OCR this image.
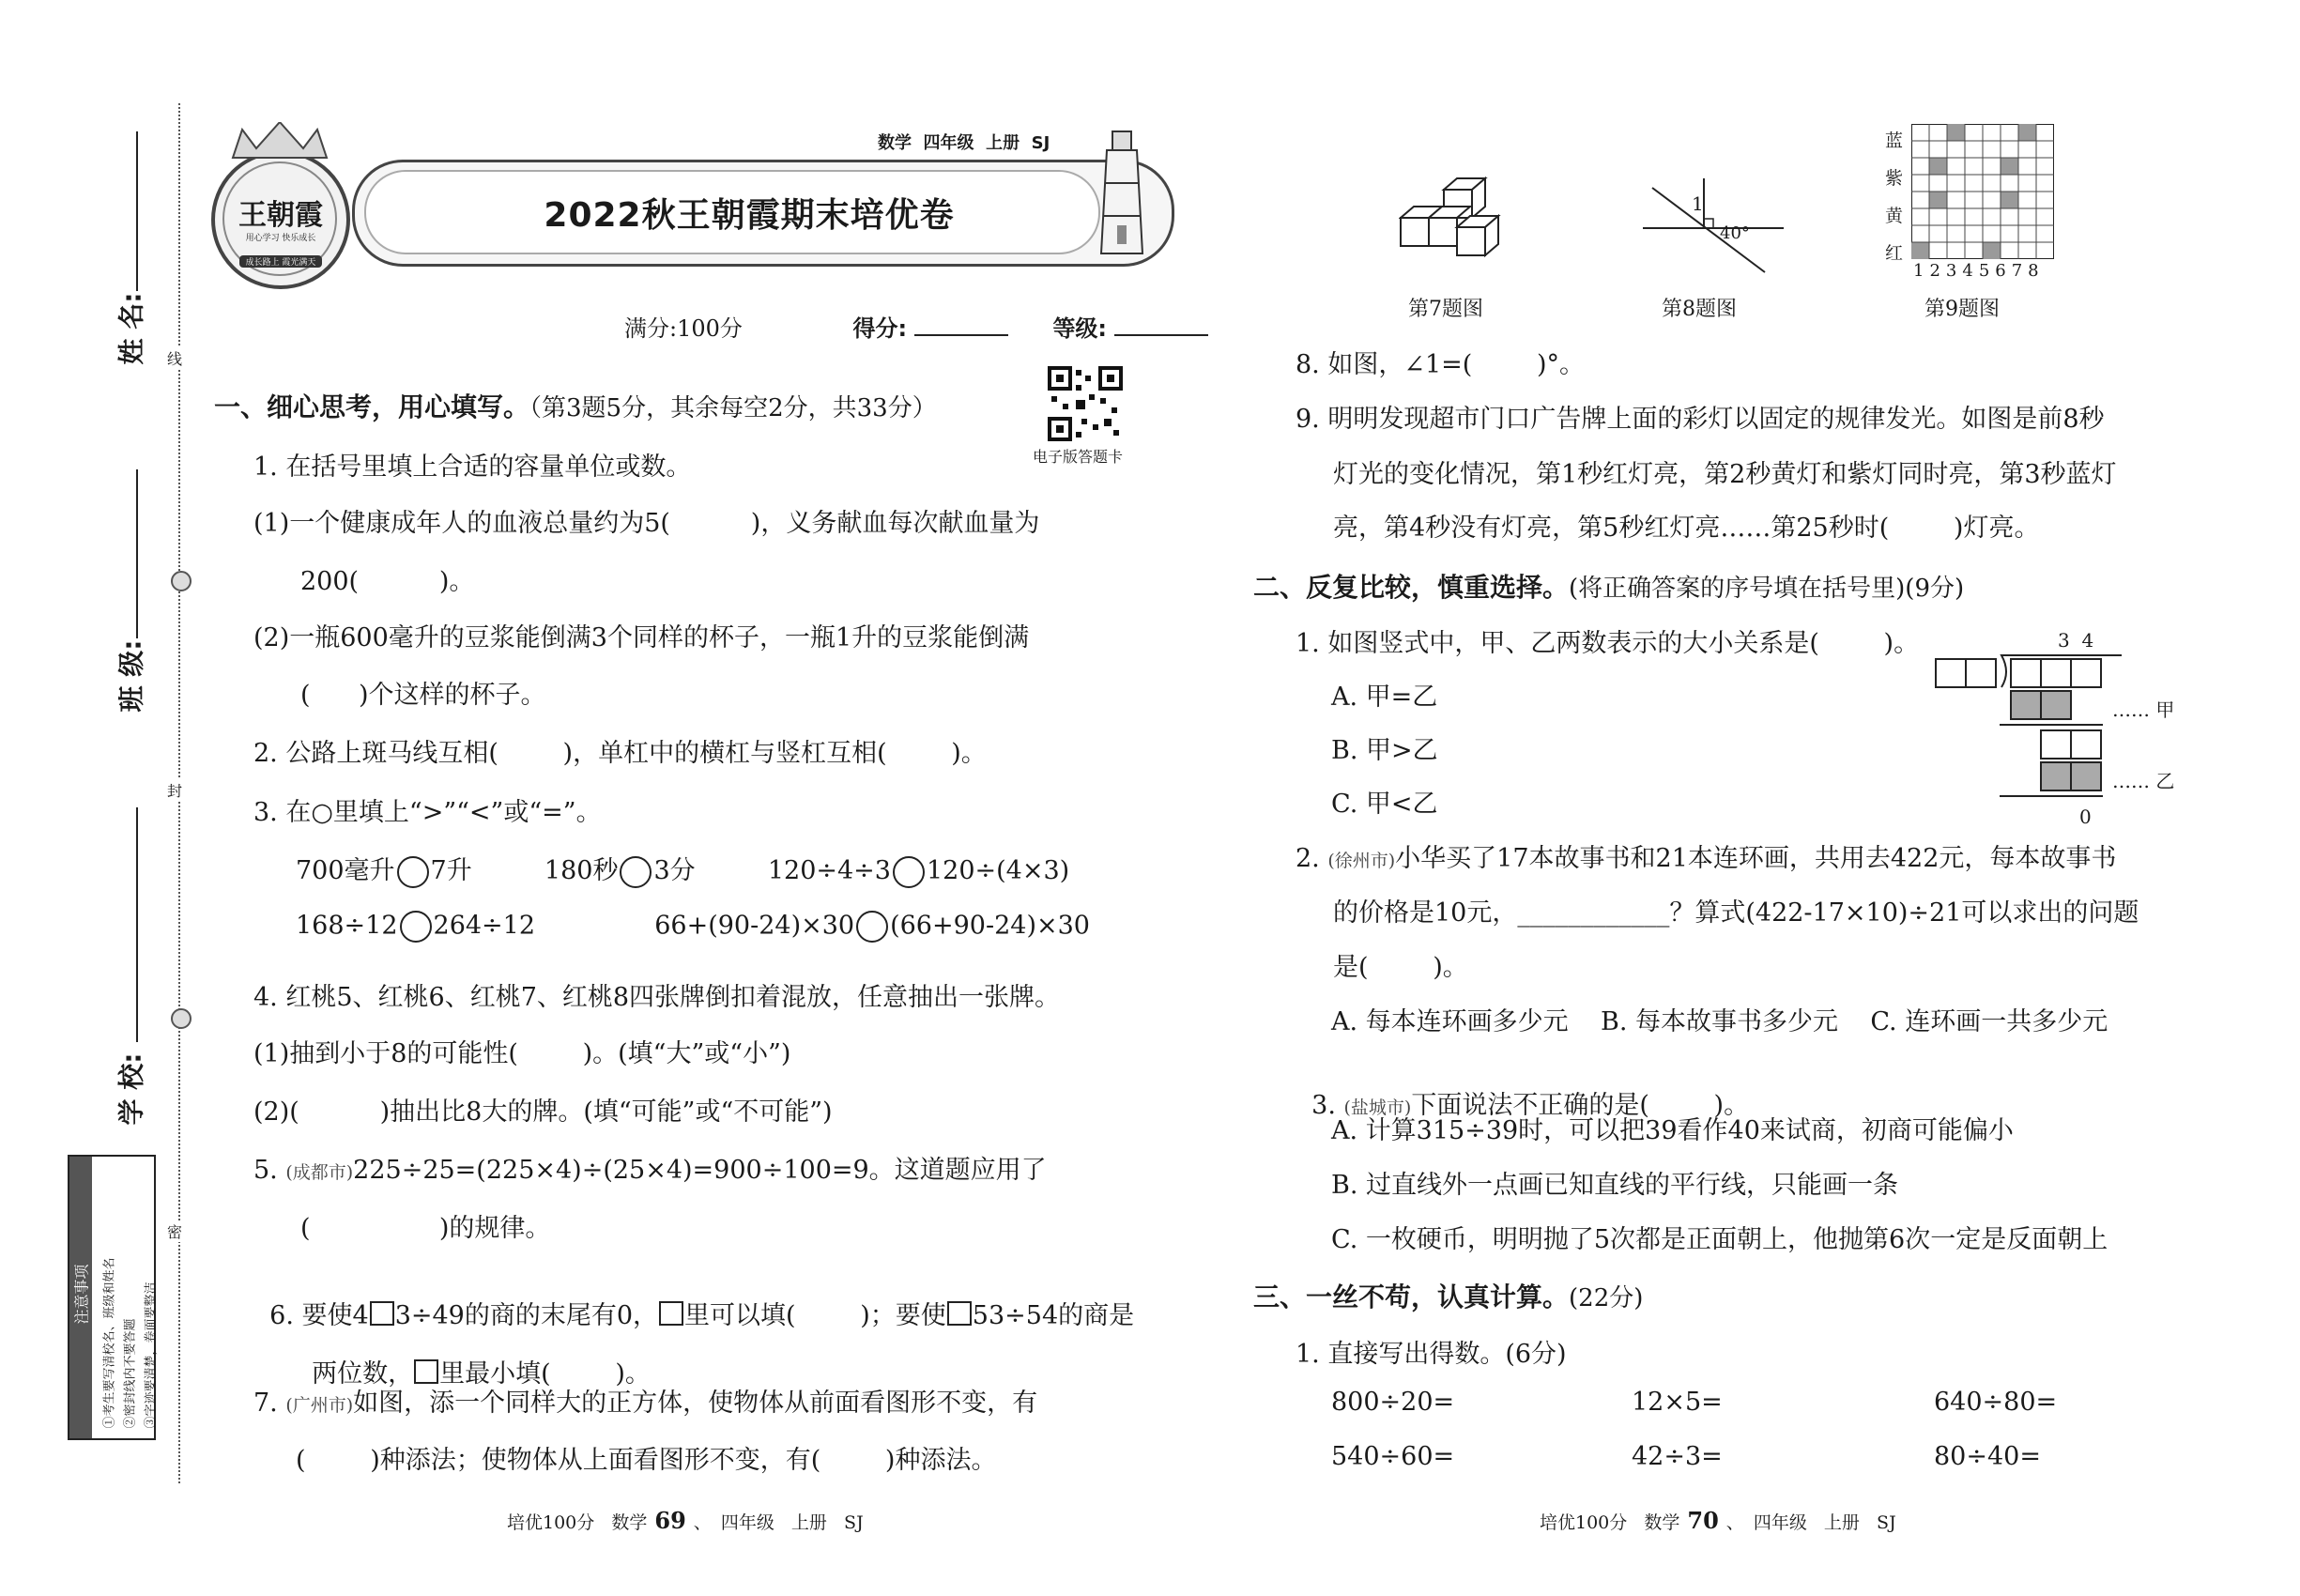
线
封
密
姓 名:
班 级:
学 校:
注意事项	①考生要写清校名、班级和姓名 ②密封线内不要答题 ③字迹要清楚，卷面要整洁
王朝霞
用心学习 快乐成长
成长路上 霞光满天
2022秋王朝霞期末培优卷
数学  四年级  上册  SJ
满分:100分	得分:	等级:
电子版答题卡
一、细心思考，用心填写。（第3题5分，其余每空2分，共33分）
1. 在括号里填上合适的容量单位或数。
(1)一个健康成年人的血液总量约为5(          )，义务献血每次献血量为
200(          )。
(2)一瓶600毫升的豆浆能倒满3个同样的杯子，一瓶1升的豆浆能倒满
(      )个这样的杯子。
2. 公路上斑马线互相(        )，单杠中的横杠与竖杠互相(        )。
3. 在○里填上“>”“<”或“=”。
700毫升 7升	180秒 3分	120÷4÷3 120÷(4×3)
168÷12 264÷12	66+(90-24)×30 (66+90-24)×30
4. 红桃5、红桃6、红桃7、红桃8四张牌倒扣着混放，任意抽出一张牌。
(1)抽到小于8的可能性(        )。(填“大”或“小”)
(2)(          )抽出比8大的牌。(填“可能”或“不可能”)
5. (成都市)225÷25=(225×4)÷(25×4)=900÷100=9。这道题应用了
(                )的规律。

6. 要使4 3÷49的商的末尾有0， 里可以填(        )；要使 53÷54的商是

两位数， 里最小填(        )。

7. (广州市)如图，添一个同样大的正方体，使物体从前面看图形不变，有
(        )种添法；使物体从上面看图形不变，有(        )种添法。
培优100分   数学 69 、 四年级   上册   SJ
第7题图
1
40°
第8题图
蓝
紫
黄
红
12345678
第9题图
8. 如图，∠1=(        )°。
9. 明明发现超市门口广告牌上面的彩灯以固定的规律发光。如图是前8秒
灯光的变化情况，第1秒红灯亮，第2秒黄灯和紫灯同时亮，第3秒蓝灯
亮，第4秒没有灯亮，第5秒红灯亮……第25秒时(        )灯亮。
二、反复比较，慎重选择。(将正确答案的序号填在括号里)(9分)
1. 如图竖式中，甲、乙两数表示的大小关系是(        )。
A. 甲=乙
B. 甲>乙
C. 甲<乙
3  4
…… 甲
…… 乙
0
2. (徐州市)小华买了17本故事书和21本连环画，共用去422元，每本故事书
的价格是10元，____________？算式(422-17×10)÷21可以求出的问题
是(        )。
A. 每本连环画多少元    B. 每本故事书多少元    C. 连环画一共多少元

3. (盐城市)下面说法不正确的是(        )。

A. 计算315÷39时，可以把39看作40来试商，初商可能偏小
B. 过直线外一点画已知直线的平行线，只能画一条
C. 一枚硬币，明明抛了5次都是正面朝上，他抛第6次一定是反面朝上
三、一丝不苟，认真计算。(22分)
1. 直接写出得数。(6分)
800÷20=	12×5=	640÷80=
540÷60=	42÷3=	80÷40=
培优100分   数学 70 、 四年级   上册   SJ
